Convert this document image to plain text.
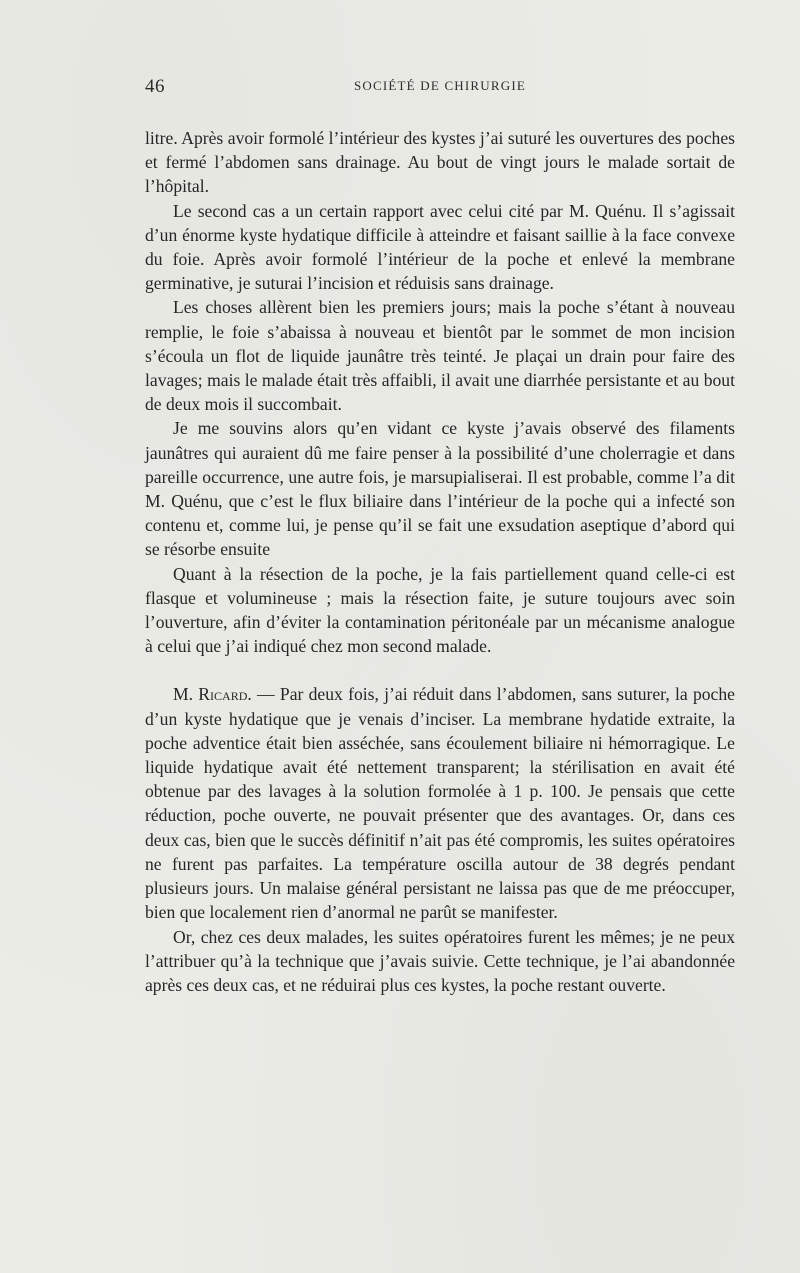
46	SOCIÉTÉ DE CHIRURGIE

litre. Après avoir formolé l’intérieur des kystes j’ai suturé les ouvertures des poches et fermé l’abdomen sans drainage. Au bout de vingt jours le malade sortait de l’hôpital.

Le second cas a un certain rapport avec celui cité par M. Quénu. Il s’agissait d’un énorme kyste hydatique difficile à atteindre et faisant saillie à la face convexe du foie. Après avoir formolé l’intérieur de la poche et enlevé la membrane germinative, je suturai l’incision et réduisis sans drainage.

Les choses allèrent bien les premiers jours; mais la poche s’étant à nouveau remplie, le foie s’abaissa à nouveau et bientôt par le sommet de mon incision s’écoula un flot de liquide jaunâtre très teinté. Je plaçai un drain pour faire des lavages; mais le malade était très affaibli, il avait une diarrhée persistante et au bout de deux mois il succombait.

Je me souvins alors qu’en vidant ce kyste j’avais observé des filaments jaunâtres qui auraient dû me faire penser à la possibilité d’une cholerragie et dans pareille occurrence, une autre fois, je marsupialiserai. Il est probable, comme l’a dit M. Quénu, que c’est le flux biliaire dans l’intérieur de la poche qui a infecté son contenu et, comme lui, je pense qu’il se fait une exsudation aseptique d’abord qui se résorbe ensuite

Quant à la résection de la poche, je la fais partiellement quand celle-ci est flasque et volumineuse ; mais la résection faite, je suture toujours avec soin l’ouverture, afin d’éviter la contamination péritonéale par un mécanisme analogue à celui que j’ai indiqué chez mon second malade.

M. Ricard. — Par deux fois, j’ai réduit dans l’abdomen, sans suturer, la poche d’un kyste hydatique que je venais d’inciser. La membrane hydatide extraite, la poche adventice était bien asséchée, sans écoulement biliaire ni hémorragique. Le liquide hydatique avait été nettement transparent; la stérilisation en avait été obtenue par des lavages à la solution formolée à 1 p. 100. Je pensais que cette réduction, poche ouverte, ne pouvait présenter que des avantages. Or, dans ces deux cas, bien que le succès définitif n’ait pas été compromis, les suites opératoires ne furent pas parfaites. La température oscilla autour de 38 degrés pendant plusieurs jours. Un malaise général persistant ne laissa pas que de me préoccuper, bien que localement rien d’anormal ne parût se manifester.

Or, chez ces deux malades, les suites opératoires furent les mêmes; je ne peux l’attribuer qu’à la technique que j’avais suivie. Cette technique, je l’ai abandonnée après ces deux cas, et ne réduirai plus ces kystes, la poche restant ouverte.
